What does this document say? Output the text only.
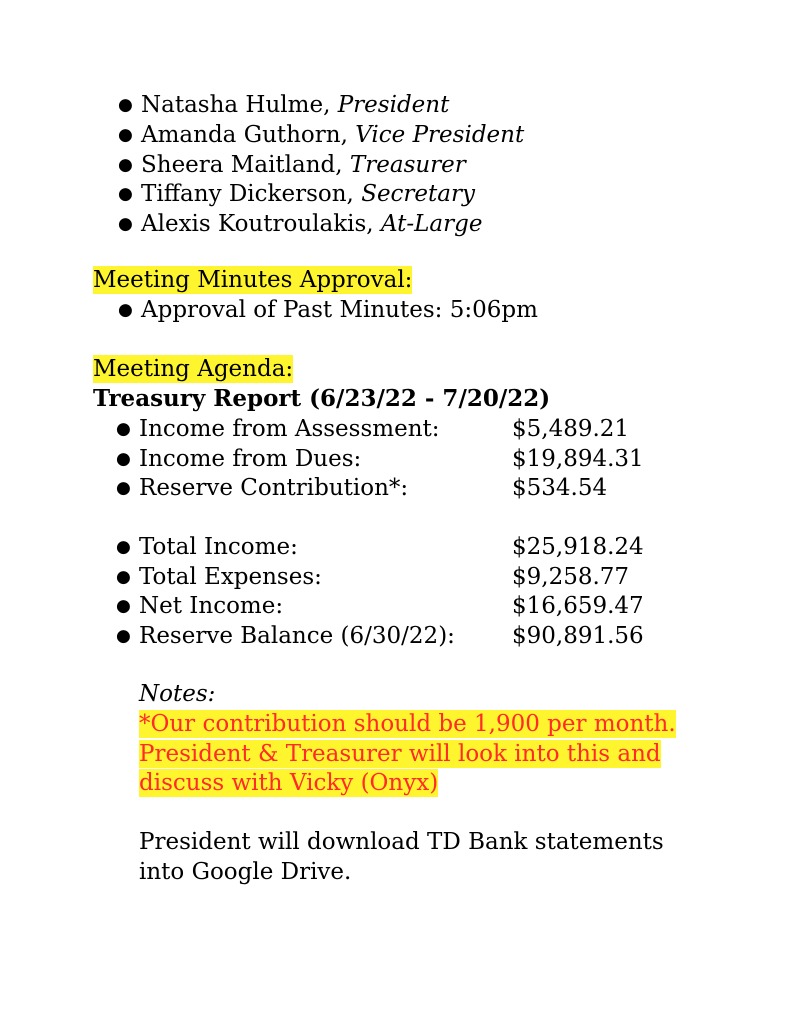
● Natasha Hulme, President
● Amanda Guthorn, Vice President
● Sheera Maitland, Treasurer
● Tiffany Dickerson, Secretary
● Alexis Koutroulakis, At-Large
Meeting Minutes Approval:
● Approval of Past Minutes: 5:06pm
Meeting Agenda:
Treasury Report (6/23/22 - 7/20/22)
● Income from Assessment:	$5,489.21
● Income from Dues:	$19,894.31
● Reserve Contribution*:	$534.54
● Total Income:	$25,918.24
● Total Expenses:	$9,258.77
● Net Income:	$16,659.47
● Reserve Balance (6/30/22): $90,891.56
Notes:
*Our contribution should be 1,900 per month.
President & Treasurer will look into this and
discuss with Vicky (Onyx)
President will download TD Bank statements
into Google Drive.
